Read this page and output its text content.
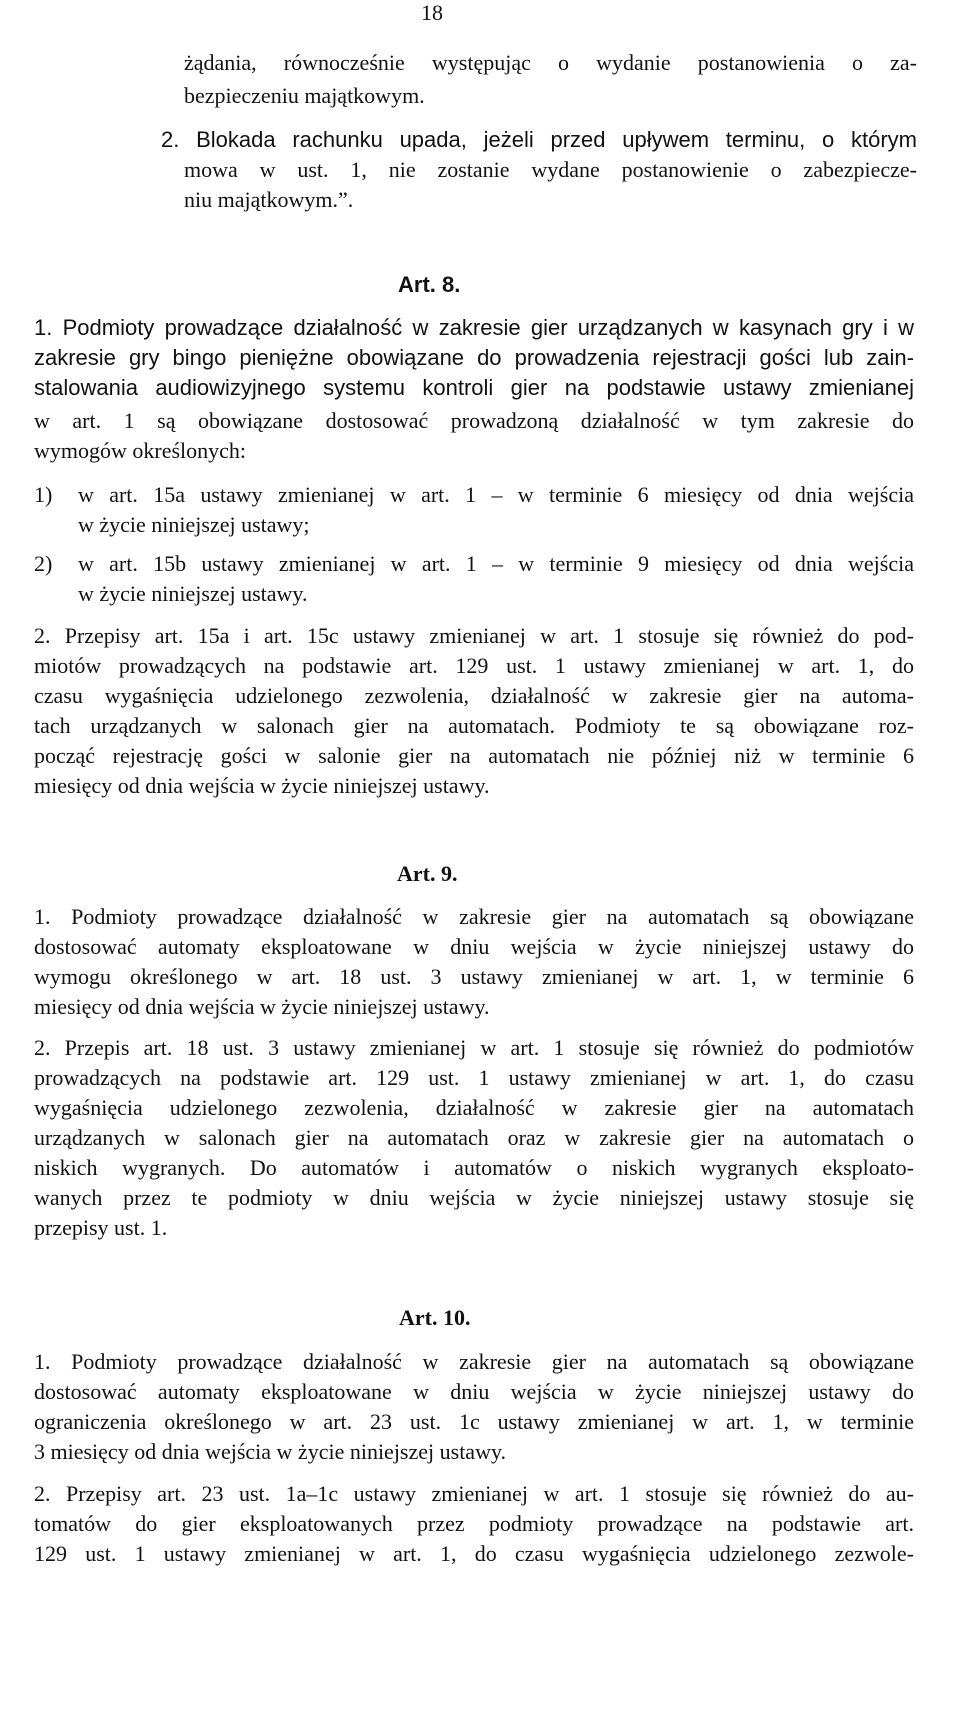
18
żądania, równocześnie występując o wydanie postanowienia o za-
bezpieczeniu majątkowym.
2. Blokada rachunku upada, jeżeli przed upływem terminu, o którym
mowa w ust. 1, nie zostanie wydane postanowienie o zabezpiecze-
niu majątkowym.”.
Art. 8.
1. Podmioty prowadzące działalność w zakresie gier urządzanych w kasynach gry i w
zakresie gry bingo pieniężne obowiązane do prowadzenia rejestracji gości lub zain-
stalowania audiowizyjnego systemu kontroli gier na podstawie ustawy zmienianej
w art. 1 są obowiązane dostosować prowadzoną działalność w tym zakresie do
wymogów określonych:
1) w art. 15a ustawy zmienianej w art. 1 – w terminie 6 miesięcy od dnia wejścia
w życie niniejszej ustawy;
2) w art. 15b ustawy zmienianej w art. 1 – w terminie 9 miesięcy od dnia wejścia
w życie niniejszej ustawy.
2. Przepisy art. 15a i art. 15c ustawy zmienianej w art. 1 stosuje się również do pod-
miotów prowadzących na podstawie art. 129 ust. 1 ustawy zmienianej w art. 1, do
czasu wygaśnięcia udzielonego zezwolenia, działalność w zakresie gier na automa-
tach urządzanych w salonach gier na automatach. Podmioty te są obowiązane roz-
począć rejestrację gości w salonie gier na automatach nie później niż w terminie 6
miesięcy od dnia wejścia w życie niniejszej ustawy.
Art. 9.
1. Podmioty prowadzące działalność w zakresie gier na automatach są obowiązane
dostosować automaty eksploatowane w dniu wejścia w życie niniejszej ustawy do
wymogu określonego w art. 18 ust. 3 ustawy zmienianej w art. 1, w terminie 6
miesięcy od dnia wejścia w życie niniejszej ustawy.
2. Przepis art. 18 ust. 3 ustawy zmienianej w art. 1 stosuje się również do podmiotów
prowadzących na podstawie art. 129 ust. 1 ustawy zmienianej w art. 1, do czasu
wygaśnięcia udzielonego zezwolenia, działalność w zakresie gier na automatach
urządzanych w salonach gier na automatach oraz w zakresie gier na automatach o
niskich wygranych. Do automatów i automatów o niskich wygranych eksploato-
wanych przez te podmioty w dniu wejścia w życie niniejszej ustawy stosuje się
przepisy ust. 1.
Art. 10.
1. Podmioty prowadzące działalność w zakresie gier na automatach są obowiązane
dostosować automaty eksploatowane w dniu wejścia w życie niniejszej ustawy do
ograniczenia określonego w art. 23 ust. 1c ustawy zmienianej w art. 1, w terminie
3 miesięcy od dnia wejścia w życie niniejszej ustawy.
2. Przepisy art. 23 ust. 1a–1c ustawy zmienianej w art. 1 stosuje się również do au-
tomatów do gier eksploatowanych przez podmioty prowadzące na podstawie art.
129 ust. 1 ustawy zmienianej w art. 1, do czasu wygaśnięcia udzielonego zezwole-
